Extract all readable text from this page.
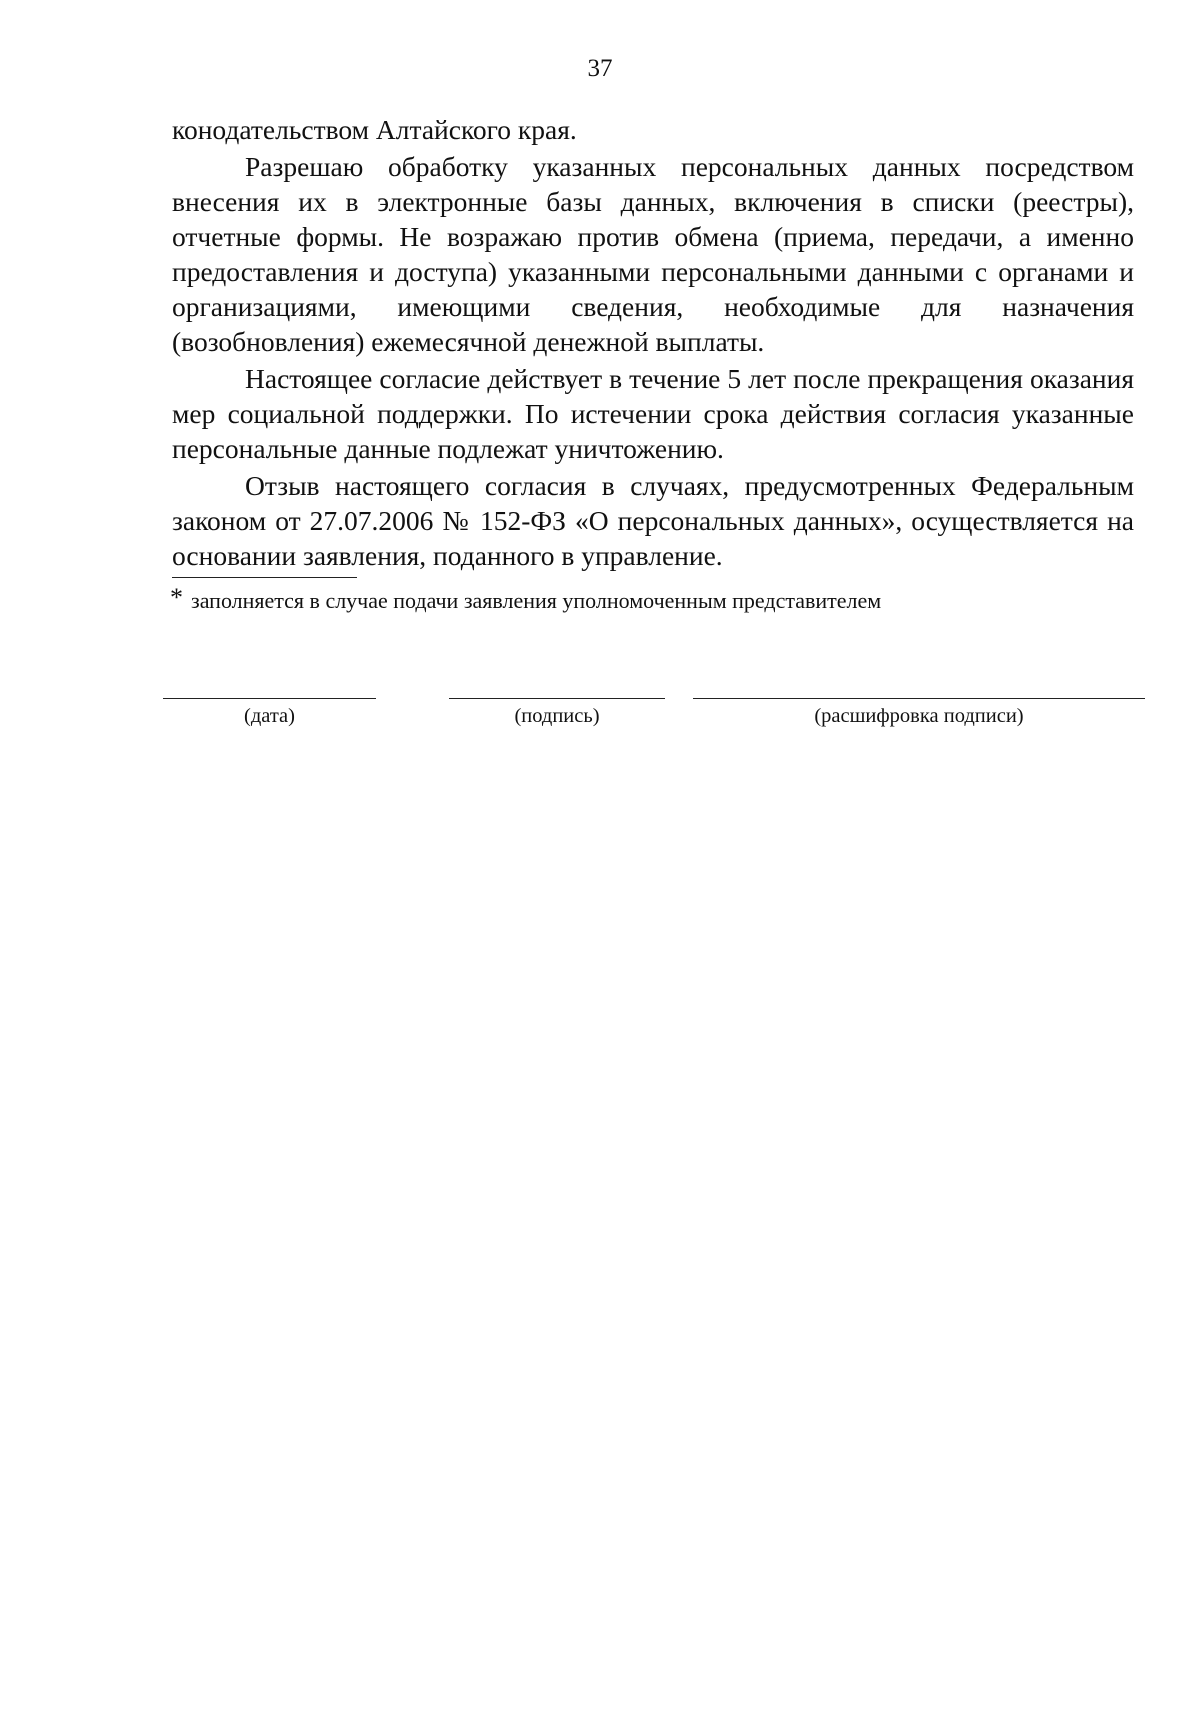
37

конодательством Алтайского края.

Разрешаю обработку указанных персональных данных посредством внесения их в электронные базы данных, включения в списки (реестры), отчетные формы. Не возражаю против обмена (приема, передачи, а именно предоставления и доступа) указанными персональными данными с органами и организациями, имеющими сведения, необходимые для назначения (возобновления) ежемесячной денежной выплаты.

Настоящее согласие действует в течение 5 лет после прекращения оказания мер социальной поддержки. По истечении срока действия согласия указанные персональные данные подлежат уничтожению.

Отзыв настоящего согласия в случаях, предусмотренных Федеральным законом от 27.07.2006 № 152-ФЗ «О персональных данных», осуществляется на основании заявления, поданного в управление.

* заполняется в случае подачи заявления уполномоченным представителем
(дата)	(подпись)	(расшифровка подписи)
